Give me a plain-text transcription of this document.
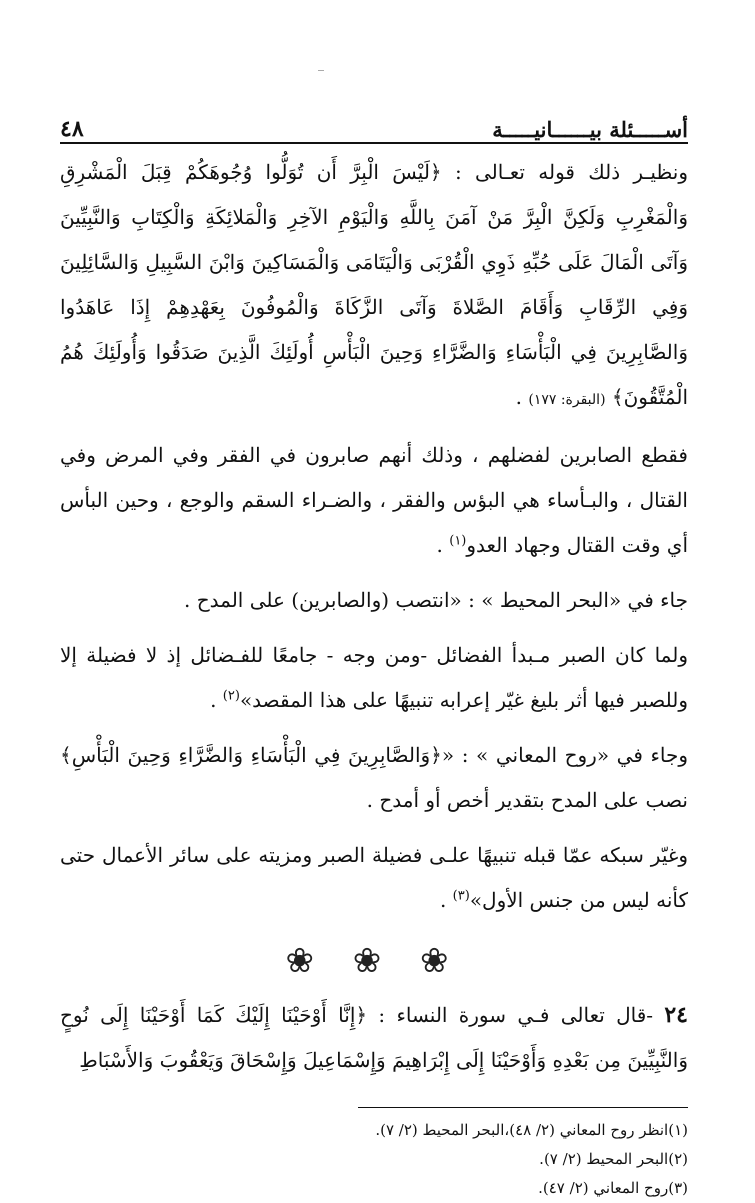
أســـــئلة بيــــــانيـــــة
٤٨

ونظيـر ذلك قوله تعـالى : ﴿لَيْسَ الْبِرَّ أَن تُوَلُّوا وُجُوهَكُمْ قِبَلَ الْمَشْرِقِ وَالْمَغْرِبِ وَلَكِنَّ الْبِرَّ مَنْ آمَنَ بِاللَّهِ وَالْيَوْمِ الآخِرِ وَالْمَلائِكَةِ وَالْكِتَابِ وَالنَّبِيِّينَ وَآتَى الْمَالَ عَلَى حُبِّهِ ذَوِي الْقُرْبَى وَالْيَتَامَى وَالْمَسَاكِينَ وَابْنَ السَّبِيلِ وَالسَّائِلِينَ وَفِي الرِّقَابِ وَأَقَامَ الصَّلاةَ وَآتَى الزَّكَاةَ وَالْمُوفُونَ بِعَهْدِهِمْ إِذَا عَاهَدُوا وَالصَّابِرِينَ فِي الْبَأْسَاءِ وَالضَّرَّاءِ وَحِينَ الْبَأْسِ أُولَئِكَ الَّذِينَ صَدَقُوا وَأُولَئِكَ هُمُ الْمُتَّقُونَ﴾ (البقرة: ١٧٧) .

فقطع الصابرين لفضلهم ، وذلك أنهم صابرون في الفقر وفي المرض وفي القتال ، والبـأساء هي البؤس والفقر ، والضـراء السقم والوجع ، وحين البأس أي وقت القتال وجهاد العدو$^{(١)}$ .

جاء في «البحر المحيط » : «انتصب (والصابرين) على المدح .

ولما كان الصبر مـبدأ الفضائل -ومن وجه - جامعًا للفـضائل إذ لا فضيلة إلا وللصبر فيها أثر بليغ غيّر إعرابه تنبيهًا على هذا المقصد»$^{(٢)}$ .

وجاء في «روح المعاني » : «﴿وَالصَّابِرِينَ فِي الْبَأْسَاءِ وَالضَّرَّاءِ وَحِينَ الْبَأْسِ﴾ نصب على المدح بتقدير أخص أو أمدح .

وغيّر سبكه عمّا قبله تنبيهًا علـى فضيلة الصبر ومزيته على سائر الأعمال حتى كأنه ليس من جنس الأول»$^{(٣)}$ .

❀ ❀ ❀

٢٤ -قال تعالى فـي سورة النساء : ﴿إِنَّا أَوْحَيْنَا إِلَيْكَ كَمَا أَوْحَيْنَا إِلَى نُوحٍ وَالنَّبِيِّينَ مِن بَعْدِهِ وَأَوْحَيْنَا إِلَى إِبْرَاهِيمَ وَإِسْمَاعِيلَ وَإِسْحَاقَ وَيَعْقُوبَ وَالأَسْبَاطِ

(١)انظر روح المعاني (٢/ ٤٨)،البحر المحيط (٢/ ٧).

(٢)البحر المحيط (٢/ ٧).

(٣)روح المعاني (٢/ ٤٧).
